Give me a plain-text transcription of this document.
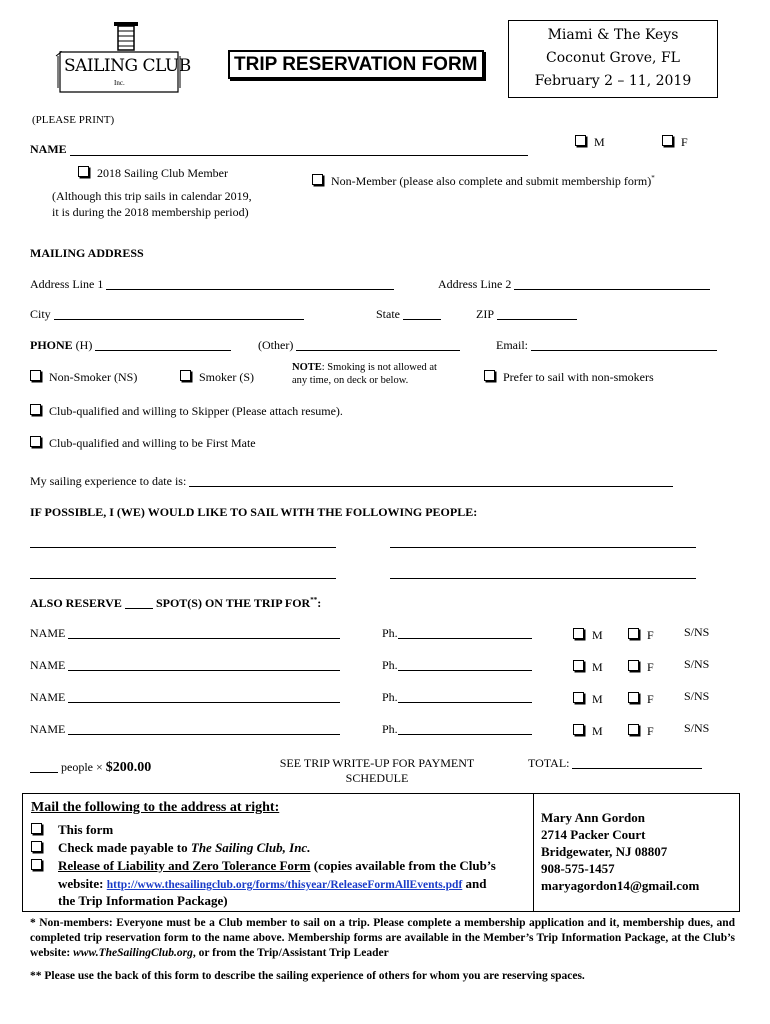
SAILING CLUB
Inc.
TRIP RESERVATION FORM
Miami & The Keys
Coconut Grove, FL
February 2 – 11, 2019
(PLEASE PRINT)
NAME	M	F
2018 Sailing Club Member
(Although this trip sails in calendar 2019,
it is during the 2018 membership period)
Non-Member (please also complete and submit membership form)*
MAILING ADDRESS
Address Line 1	Address Line 2
City	State	ZIP
PHONE (H)	(Other)	Email:
Non-Smoker (NS)	Smoker (S)
NOTE: Smoking is not allowed at
any time, on deck or below.	Prefer to sail with non-smokers
Club-qualified and willing to Skipper (Please attach resume).
Club-qualified and willing to be First Mate
My sailing experience to date is:
IF POSSIBLE, I (WE) WOULD LIKE TO SAIL WITH THE FOLLOWING PEOPLE:
ALSO RESERVE	SPOT(S) ON THE TRIP FOR**:
NAME	Ph.	M	F	S/NS
NAME	Ph.	M	F	S/NS
NAME	Ph.	M	F	S/NS
NAME	Ph.	M	F	S/NS
people × $200.00	SEE TRIP WRITE-UP FOR PAYMENT
SCHEDULE
TOTAL:
Mail the following to the address at right:
This form
Check made payable to The Sailing Club, Inc.
Release of Liability and Zero Tolerance Form (copies available from the Club’s
website: http://www.thesailingclub.org/forms/thisyear/ReleaseFormAllEvents.pdf and
the Trip Information Package)
Mary Ann Gordon
2714 Packer Court
Bridgewater, NJ 08807
908-575-1457
maryagordon14@gmail.com
* Non-members: Everyone must be a Club member to sail on a trip. Please complete a membership application and it, membership dues, and completed trip reservation form to the name above. Membership forms are available in the Member’s Trip Information Package, at the Club’s website: www.TheSailingClub.org, or from the Trip/Assistant Trip Leader
** Please use the back of this form to describe the sailing experience of others for whom you are reserving spaces.
